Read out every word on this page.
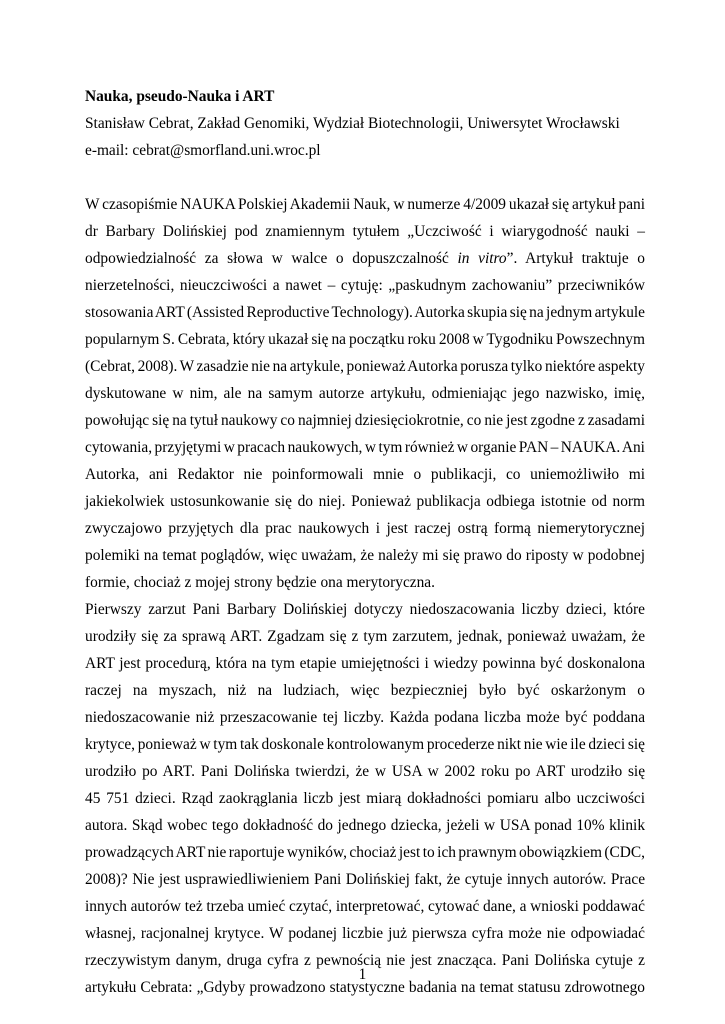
Nauka, pseudo-Nauka i ART
Stanisław Cebrat, Zakład Genomiki, Wydział Biotechnologii, Uniwersytet Wrocławski
e-mail: cebrat@smorfland.uni.wroc.pl
W czasopiśmie NAUKA Polskiej Akademii Nauk, w numerze 4/2009 ukazał się artykuł pani
dr Barbary Dolińskiej pod znamiennym tytułem „Uczciwość i wiarygodność nauki –
odpowiedzialność za słowa w walce o dopuszczalność in vitro”. Artykuł traktuje o
nierzetelności, nieuczciwości a nawet – cytuję: „paskudnym zachowaniu” przeciwników
stosowania ART (Assisted Reproductive Technology). Autorka skupia się na jednym artykule
popularnym S. Cebrata, który ukazał się na początku roku 2008 w Tygodniku Powszechnym
(Cebrat, 2008). W zasadzie nie na artykule, ponieważ Autorka porusza tylko niektóre aspekty
dyskutowane w nim, ale na samym autorze artykułu, odmieniając jego nazwisko, imię,
powołując się na tytuł naukowy co najmniej dziesięciokrotnie, co nie jest zgodne z zasadami
cytowania, przyjętymi w pracach naukowych, w tym również w organie PAN – NAUKA. Ani
Autorka, ani Redaktor nie poinformowali mnie o publikacji, co uniemożliwiło mi
jakiekolwiek ustosunkowanie się do niej. Ponieważ publikacja odbiega istotnie od norm
zwyczajowo przyjętych dla prac naukowych i jest raczej ostrą formą niemerytorycznej
polemiki na temat poglądów, więc uważam, że należy mi się prawo do riposty w podobnej
formie, chociaż z mojej strony będzie ona merytoryczna.
Pierwszy zarzut Pani Barbary Dolińskiej dotyczy niedoszacowania liczby dzieci, które
urodziły się za sprawą ART. Zgadzam się z tym zarzutem, jednak, ponieważ uważam, że
ART jest procedurą, która na tym etapie umiejętności i wiedzy powinna być doskonalona
raczej na myszach, niż na ludziach, więc bezpieczniej było być oskarżonym o
niedoszacowanie niż przeszacowanie tej liczby. Każda podana liczba może być poddana
krytyce, ponieważ w tym tak doskonale kontrolowanym procederze nikt nie wie ile dzieci się
urodziło po ART. Pani Dolińska twierdzi, że w USA w 2002 roku po ART urodziło się
45 751 dzieci. Rząd zaokrąglania liczb jest miarą dokładności pomiaru albo uczciwości
autora. Skąd wobec tego dokładność do jednego dziecka, jeżeli w USA ponad 10% klinik
prowadzących ART nie raportuje wyników, chociaż jest to ich prawnym obowiązkiem (CDC,
2008)? Nie jest usprawiedliwieniem Pani Dolińskiej fakt, że cytuje innych autorów. Prace
innych autorów też trzeba umieć czytać, interpretować, cytować dane, a wnioski poddawać
własnej, racjonalnej krytyce. W podanej liczbie już pierwsza cyfra może nie odpowiadać
rzeczywistym danym, druga cyfra z pewnością nie jest znacząca. Pani Dolińska cytuje z
artykułu Cebrata: „Gdyby prowadzono statystyczne badania na temat statusu zdrowotnego
1
